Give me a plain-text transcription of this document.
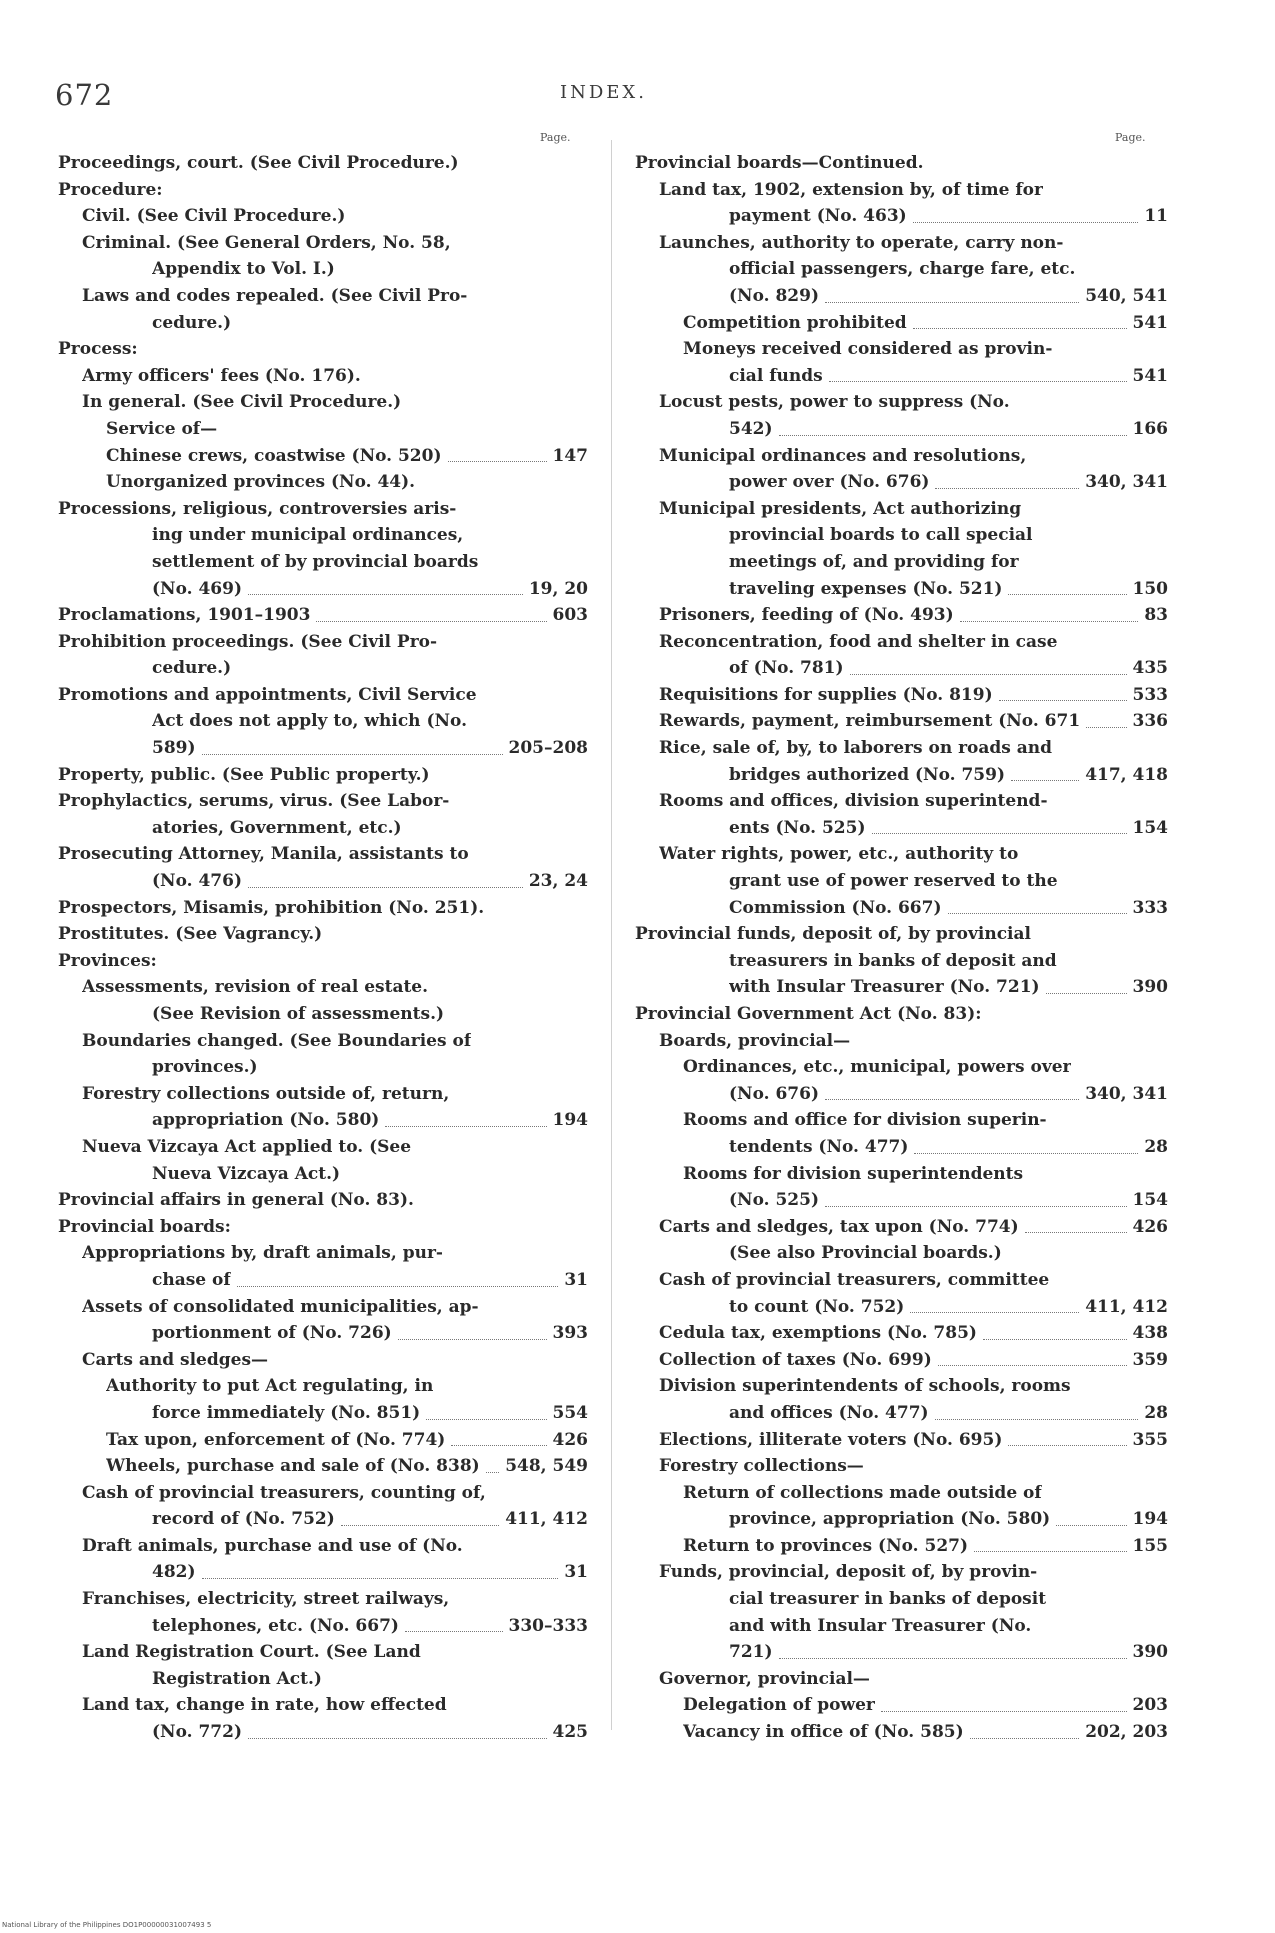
672	INDEX.
Page.	Page.
Proceedings, court. (See Civil Procedure.)
Procedure:
Civil. (See Civil Procedure.)
Criminal. (See General Orders, No. 58,
Appendix to Vol. I.)
Laws and codes repealed. (See Civil Pro-
cedure.)
Process:
Army officers' fees (No. 176).
In general. (See Civil Procedure.)
Service of—
Chinese crews, coastwise (No. 520)	147
Unorganized provinces (No. 44).
Processions, religious, controversies aris-
ing under municipal ordinances,
settlement of by provincial boards
(No. 469)	19, 20
Proclamations, 1901–1903	603
Prohibition proceedings. (See Civil Pro-
cedure.)
Promotions and appointments, Civil Service
Act does not apply to, which (No.
589)	205–208
Property, public. (See Public property.)
Prophylactics, serums, virus. (See Labor-
atories, Government, etc.)
Prosecuting Attorney, Manila, assistants to
(No. 476)	23, 24
Prospectors, Misamis, prohibition (No. 251).
Prostitutes. (See Vagrancy.)
Provinces:
Assessments, revision of real estate.
(See Revision of assessments.)
Boundaries changed. (See Boundaries of
provinces.)
Forestry collections outside of, return,
appropriation (No. 580)	194
Nueva Vizcaya Act applied to. (See
Nueva Vizcaya Act.)
Provincial affairs in general (No. 83).
Provincial boards:
Appropriations by, draft animals, pur-
chase of	31
Assets of consolidated municipalities, ap-
portionment of (No. 726)	393
Carts and sledges—
Authority to put Act regulating, in
force immediately (No. 851)	554
Tax upon, enforcement of (No. 774)	426
Wheels, purchase and sale of (No. 838) 548, 549
Cash of provincial treasurers, counting of,
record of (No. 752)	411, 412
Draft animals, purchase and use of (No.
482)	31
Franchises, electricity, street railways,
telephones, etc. (No. 667)	330–333
Land Registration Court. (See Land
Registration Act.)
Land tax, change in rate, how effected
(No. 772)	425
Provincial boards—Continued.
Land tax, 1902, extension by, of time for
payment (No. 463)	11
Launches, authority to operate, carry non-
official passengers, charge fare, etc.
(No. 829)	540, 541
Competition prohibited	541
Moneys received considered as provin-
cial funds	541
Locust pests, power to suppress (No.
542)	166
Municipal ordinances and resolutions,
power over (No. 676)	340, 341
Municipal presidents, Act authorizing
provincial boards to call special
meetings of, and providing for
traveling expenses (No. 521)	150
Prisoners, feeding of (No. 493)	83
Reconcentration, food and shelter in case
of (No. 781)	435
Requisitions for supplies (No. 819)	533
Rewards, payment, reimbursement (No. 671	336
Rice, sale of, by, to laborers on roads and
bridges authorized (No. 759)	417, 418
Rooms and offices, division superintend-
ents (No. 525)	154
Water rights, power, etc., authority to
grant use of power reserved to the
Commission (No. 667)	333
Provincial funds, deposit of, by provincial
treasurers in banks of deposit and
with Insular Treasurer (No. 721)	390
Provincial Government Act (No. 83):
Boards, provincial—
Ordinances, etc., municipal, powers over
(No. 676)	340, 341
Rooms and office for division superin-
tendents (No. 477)	28
Rooms for division superintendents
(No. 525)	154
Carts and sledges, tax upon (No. 774)	426
(See also Provincial boards.)
Cash of provincial treasurers, committee
to count (No. 752)	411, 412
Cedula tax, exemptions (No. 785)	438
Collection of taxes (No. 699)	359
Division superintendents of schools, rooms
and offices (No. 477)	28
Elections, illiterate voters (No. 695)	355
Forestry collections—
Return of collections made outside of
province, appropriation (No. 580)	194
Return to provinces (No. 527)	155
Funds, provincial, deposit of, by provin-
cial treasurer in banks of deposit
and with Insular Treasurer (No.
721)	390
Governor, provincial—
Delegation of power	203
Vacancy in office of (No. 585)	202, 203
National Library of the Philippines DO1P00000031007493 5
